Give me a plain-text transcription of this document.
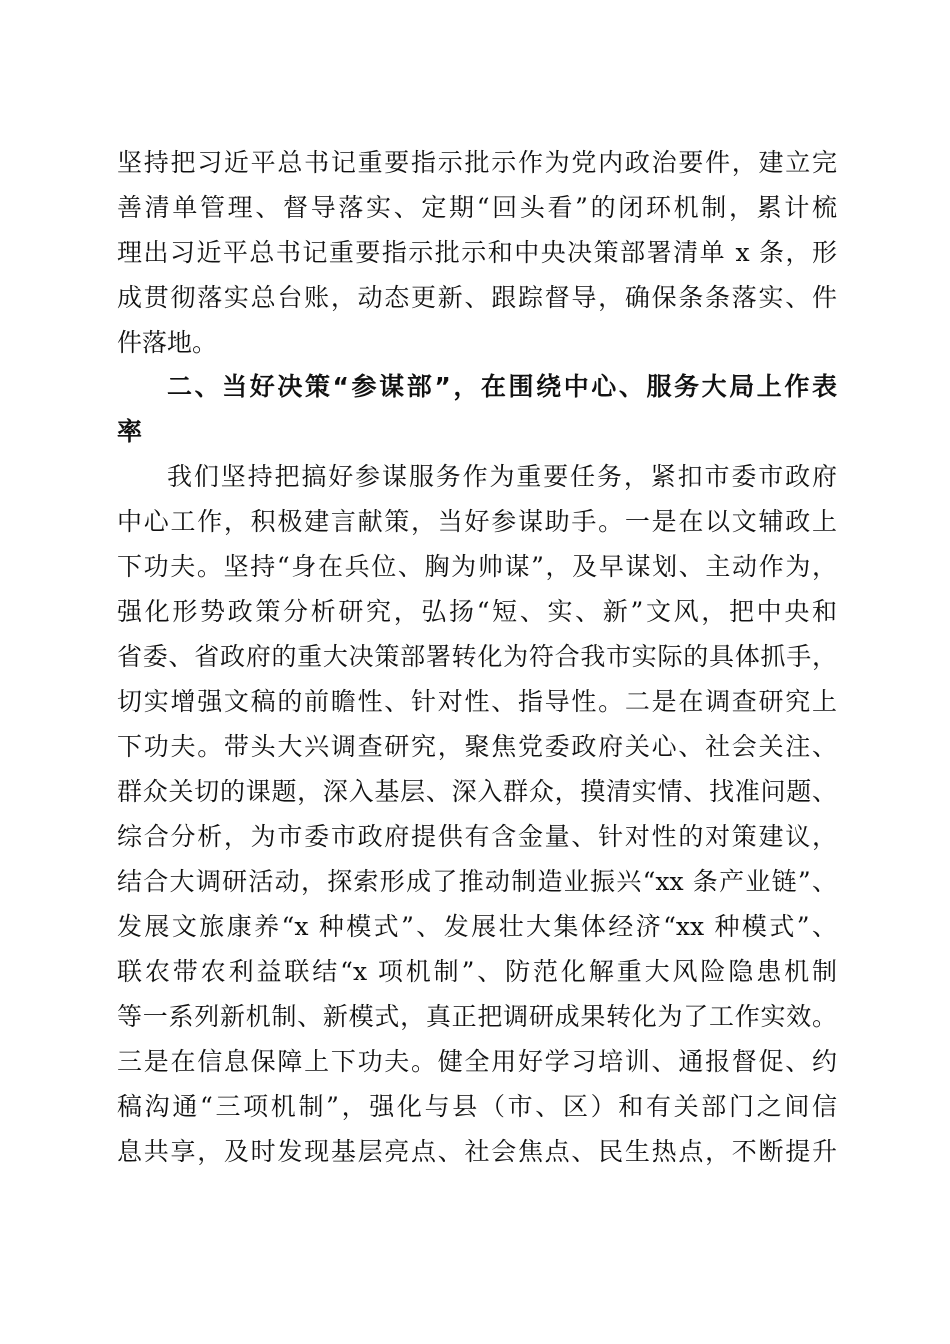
坚持把习近平总书记重要指示批示作为党内政治要件，建立完
善清单管理、督导落实、定期“回头看”的闭环机制，累计梳
理出习近平总书记重要指示批示和中央决策部署清单 x 条，形
成贯彻落实总台账，动态更新、跟踪督导，确保条条落实、件
件落地。
二、当好决策“参谋部”，在围绕中心、服务大局上作表
率
我们坚持把搞好参谋服务作为重要任务，紧扣市委市政府
中心工作，积极建言献策，当好参谋助手。一是在以文辅政上
下功夫。坚持“身在兵位、胸为帅谋”，及早谋划、主动作为，
强化形势政策分析研究，弘扬“短、实、新”文风，把中央和
省委、省政府的重大决策部署转化为符合我市实际的具体抓手，
切实增强文稿的前瞻性、针对性、指导性。二是在调查研究上
下功夫。带头大兴调查研究，聚焦党委政府关心、社会关注、
群众关切的课题，深入基层、深入群众，摸清实情、找准问题、
综合分析，为市委市政府提供有含金量、针对性的对策建议，
结合大调研活动，探索形成了推动制造业振兴“xx 条产业链”、
发展文旅康养“x 种模式”、发展壮大集体经济“xx 种模式”、
联农带农利益联结“x 项机制”、防范化解重大风险隐患机制
等一系列新机制、新模式，真正把调研成果转化为了工作实效。
三是在信息保障上下功夫。健全用好学习培训、通报督促、约
稿沟通“三项机制”，强化与县（市、区）和有关部门之间信
息共享，及时发现基层亮点、社会焦点、民生热点，不断提升
